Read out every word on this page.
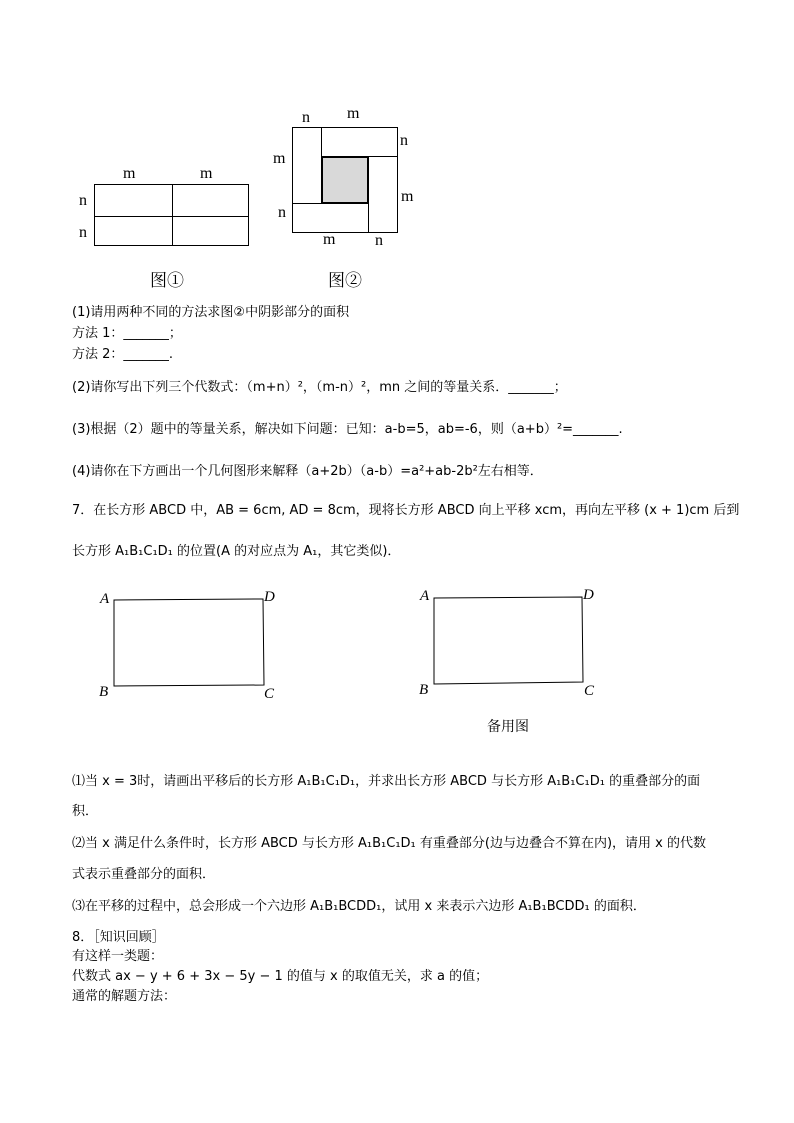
m	m
n
n
图①
n m
n
m
m
n
m n
图②
(1)请用两种不同的方法求图②中阴影部分的面积
方法 1：_______；
方法 2：_______.
(2)请你写出下列三个代数式：（m+n）²，（m-n）²，mn 之间的等量关系．_______；
(3)根据（2）题中的等量关系，解决如下问题：已知：a-b=5，ab=-6，则（a+b）²=_______.
(4)请你在下方画出一个几何图形来解释（a+2b）（a-b）=a²+ab-2b²左右相等．
7．在长方形 ABCD 中，AB = 6cm, AD = 8cm，现将长方形 ABCD 向上平移 xcm，再向左平移 (x + 1)cm 后到
长方形 A₁B₁C₁D₁ 的位置(A 的对应点为 A₁，其它类似)．
A	D
B	C
A	D
B	C
备用图
⑴当 x = 3时，请画出平移后的长方形 A₁B₁C₁D₁，并求出长方形 ABCD 与长方形 A₁B₁C₁D₁ 的重叠部分的面
积．
⑵当 x 满足什么条件时，长方形 ABCD 与长方形 A₁B₁C₁D₁ 有重叠部分(边与边叠合不算在内)，请用 x 的代数
式表示重叠部分的面积．
⑶在平移的过程中，总会形成一个六边形 A₁B₁BCDD₁，试用 x 来表示六边形 A₁B₁BCDD₁ 的面积．
8．［知识回顾］
有这样一类题：
代数式 ax − y + 6 + 3x − 5y − 1 的值与 x 的取值无关，求 a 的值；
通常的解题方法：
